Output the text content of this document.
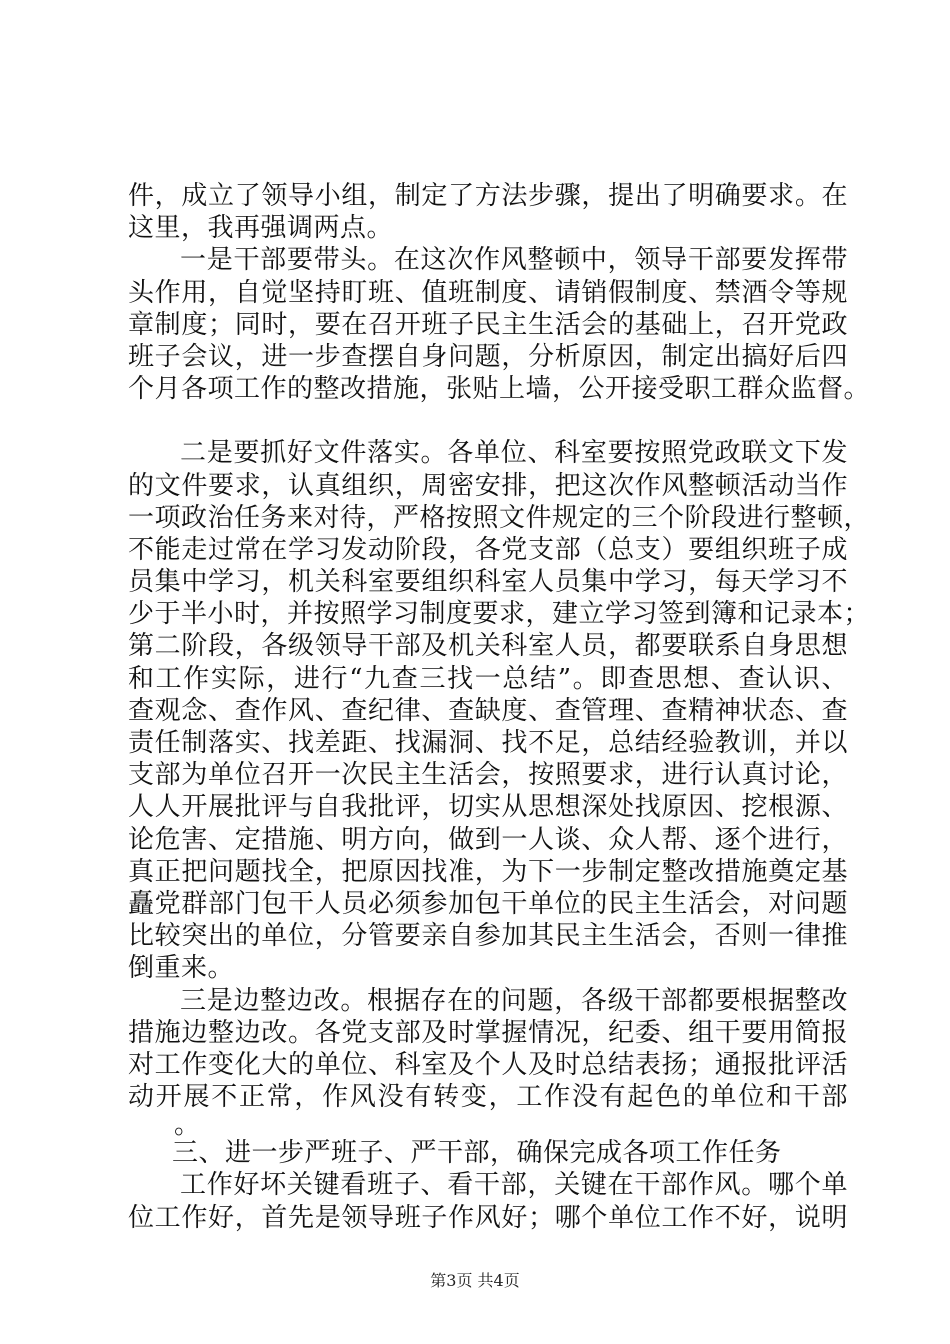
件，成立了领导小组，制定了方法步骤，提出了明确要求。在
这里，我再强调两点。
一是干部要带头。在这次作风整顿中，领导干部要发挥带
头作用，自觉坚持盯班、值班制度、请销假制度、禁酒令等规
章制度；同时，要在召开班子民主生活会的基础上，召开党政
班子会议，进一步查摆自身问题，分析原因，制定出搞好后四
个月各项工作的整改措施，张贴上墙，公开接受职工群众监督。
二是要抓好文件落实。各单位、科室要按照党政联文下发
的文件要求，认真组织，周密安排，把这次作风整顿活动当作
一项政治任务来对待，严格按照文件规定的三个阶段进行整顿，
不能走过常在学习发动阶段，各党支部（总支）要组织班子成
员集中学习，机关科室要组织科室人员集中学习，每天学习不
少于半小时，并按照学习制度要求，建立学习签到簿和记录本；
第二阶段，各级领导干部及机关科室人员，都要联系自身思想
和工作实际，进行“九查三找一总结”。即查思想、查认识、
查观念、查作风、查纪律、查缺度、查管理、查精神状态、查
责任制落实、找差距、找漏洞、找不足，总结经验教训，并以
支部为单位召开一次民主生活会，按照要求，进行认真讨论，
人人开展批评与自我批评，切实从思想深处找原因、挖根源、
论危害、定措施、明方向，做到一人谈、众人帮、逐个进行，
真正把问题找全，把原因找准，为下一步制定整改措施奠定基
矗党群部门包干人员必须参加包干单位的民主生活会，对问题
比较突出的单位，分管要亲自参加其民主生活会，否则一律推
倒重来。
三是边整边改。根据存在的问题，各级干部都要根据整改
措施边整边改。各党支部及时掌握情况，纪委、组干要用简报
对工作变化大的单位、科室及个人及时总结表扬；通报批评活
动开展不正常，作风没有转变，工作没有起色的单位和干部
。
三、进一步严班子、严干部，确保完成各项工作任务
工作好坏关键看班子、看干部，关键在干部作风。哪个单
位工作好，首先是领导班子作风好；哪个单位工作不好，说明
第3页 共4页
